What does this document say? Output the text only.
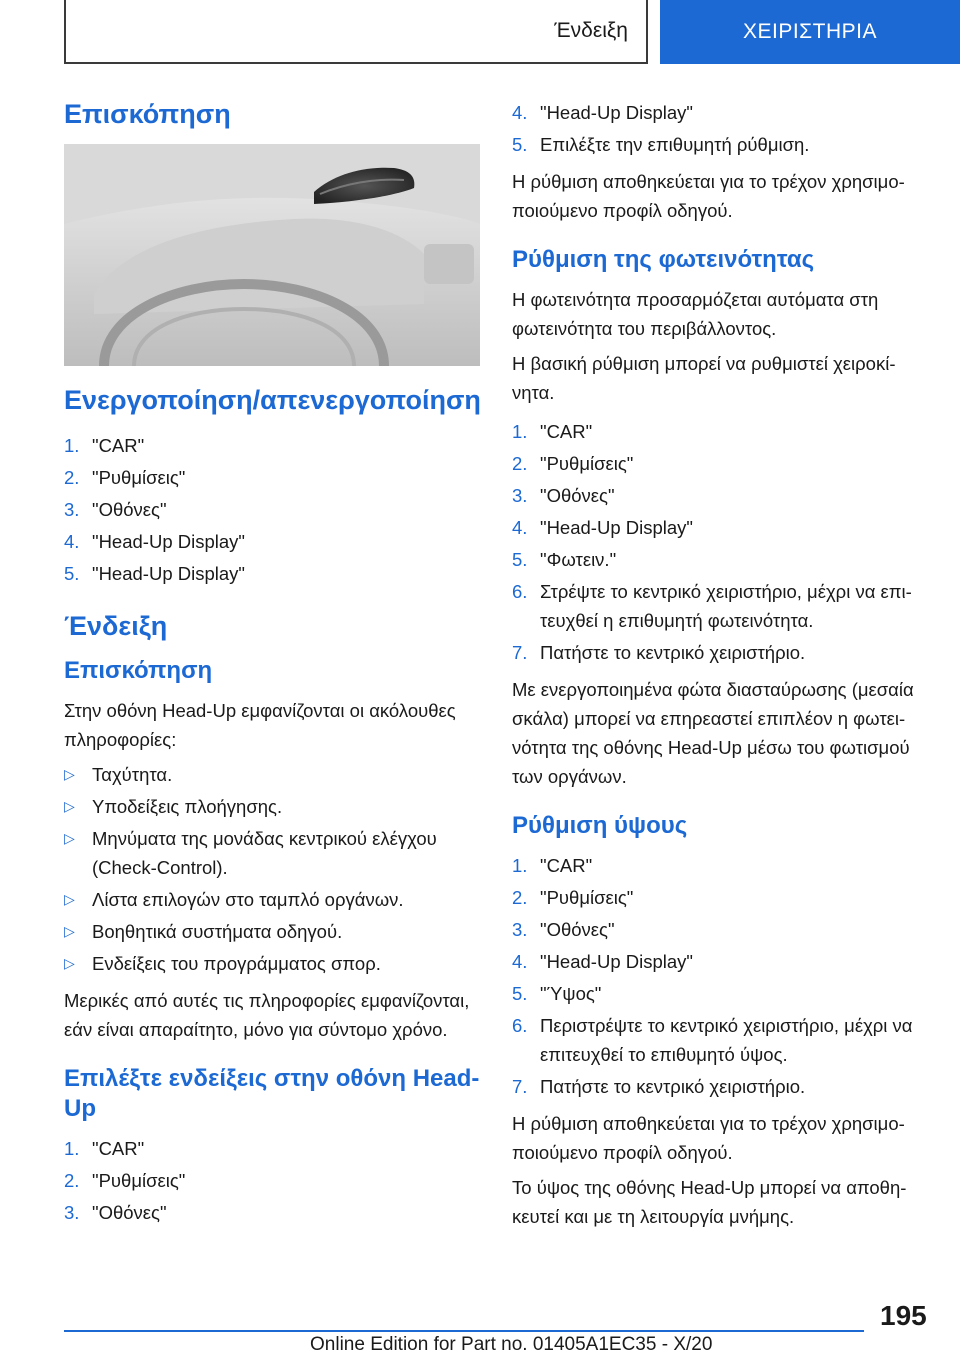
Ένδειξη	ΧΕΙΡΙΣΤΗΡΙΑ
Επισκόπηση
Ενεργοποίηση/απενεργοποίηση
1. "CAR"
2. "Ρυθμίσεις"
3. "Οθόνες"
4. "Head-Up Display"
5. "Head-Up Display"
Ένδειξη
Επισκόπηση

Στην οθόνη Head-Up εμφανίζονται οι ακόλουθες πληροφορίες:

▷ Ταχύτητα.
▷ Υποδείξεις πλοήγησης.
▷ Μηνύματα της μονάδας κεντρικού ελέγχου (Check-Control).
▷ Λίστα επιλογών στο ταμπλό οργάνων.
▷ Βοηθητικά συστήματα οδηγού.
▷ Ενδείξεις του προγράμματος σπορ.

Μερικές από αυτές τις πληροφορίες εμφανίζονται, εάν είναι απαραίτητο, μόνο για σύντομο χρόνο.

Επιλέξτε ενδείξεις στην οθόνη Head-Up
1. "CAR"
2. "Ρυθμίσεις"
3. "Οθόνες"
4. "Head-Up Display"
5. Επιλέξτε την επιθυμητή ρύθμιση.

Η ρύθμιση αποθηκεύεται για το τρέχον χρησιμοποιούμενο προφίλ οδηγού.

Ρύθμιση της φωτεινότητας

Η φωτεινότητα προσαρμόζεται αυτόματα στη φωτεινότητα του περιβάλλοντος.

Η βασική ρύθμιση μπορεί να ρυθμιστεί χειροκίνητα.

1. "CAR"
2. "Ρυθμίσεις"
3. "Οθόνες"
4. "Head-Up Display"
5. "Φωτειν."
6. Στρέψτε το κεντρικό χειριστήριο, μέχρι να επιτευχθεί η επιθυμητή φωτεινότητα.
7. Πατήστε το κεντρικό χειριστήριο.

Με ενεργοποιημένα φώτα διασταύρωσης (μεσαία σκάλα) μπορεί να επηρεαστεί επιπλέον η φωτεινότητα της οθόνης Head-Up μέσω του φωτισμού των οργάνων.

Ρύθμιση ύψους
1. "CAR"
2. "Ρυθμίσεις"
3. "Οθόνες"
4. "Head-Up Display"
5. "Ύψος"
6. Περιστρέψτε το κεντρικό χειριστήριο, μέχρι να επιτευχθεί το επιθυμητό ύψος.
7. Πατήστε το κεντρικό χειριστήριο.

Η ρύθμιση αποθηκεύεται για το τρέχον χρησιμοποιούμενο προφίλ οδηγού.

Το ύψος της οθόνης Head-Up μπορεί να αποθηκευτεί και με τη λειτουργία μνήμης.

195
Online Edition for Part no. 01405A1EC35 - X/20
